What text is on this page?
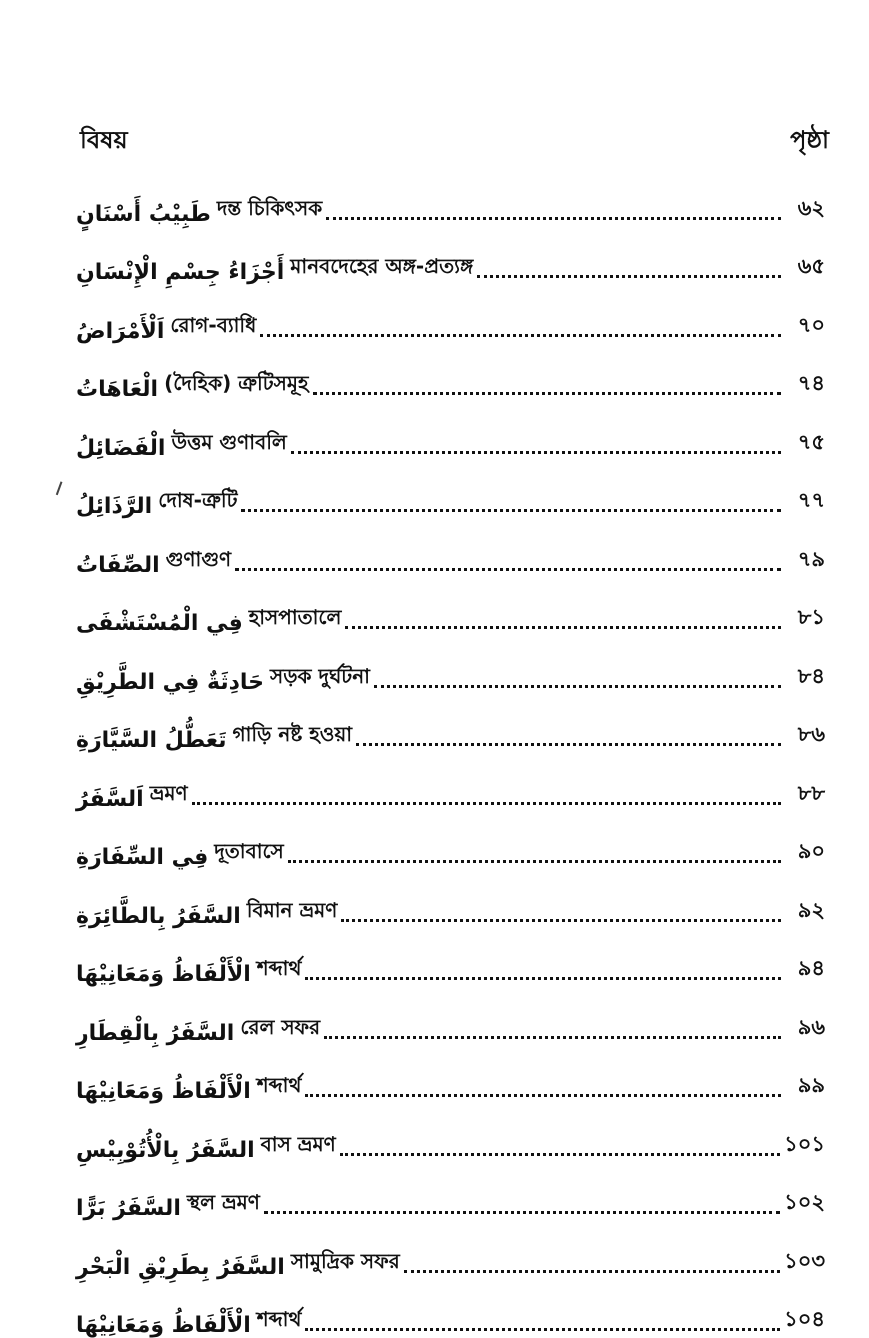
বিষয়	পৃষ্ঠা
طَبِيْبُ أَسْنَانٍ দন্ত চিকিৎসক	৬২
أَجْزَاءُ جِسْمِ الْإِنْسَانِ মানবদেহের অঙ্গ-প্রত্যঙ্গ	৬৫
اَلْأَمْرَاضُ রোগ-ব্যাধি	৭০
الْعَاهَاتُ (দৈহিক) ত্রুটিসমূহ	৭৪
الْفَضَائِلُ উত্তম গুণাবলি	৭৫
الرَّذَائِلُ দোষ-ত্রুটি	৭৭
الصِّفَاتُ গুণাগুণ	৭৯
فِي الْمُسْتَشْفَى হাসপাতালে	৮১
حَادِثَةٌ فِي الطَّرِيْقِ সড়ক দুর্ঘটনা	৮৪
تَعَطُّلُ السَّيَّارَةِ গাড়ি নষ্ট হওয়া	৮৬
اَلسَّفَرُ ভ্রমণ	৮৮
فِي السِّفَارَةِ দূতাবাসে	৯০
السَّفَرُ بِالطَّائِرَةِ বিমান ভ্রমণ	৯২
الْأَلْفَاظُ وَمَعَانِيْهَا শব্দার্থ	৯৪
السَّفَرُ بِالْقِطَارِ রেল সফর	৯৬
الْأَلْفَاظُ وَمَعَانِيْهَا শব্দার্থ	৯৯
السَّفَرُ بِالْأُتُوْبِيْسِ বাস ভ্রমণ	১০১
السَّفَرُ بَرًّا স্থল ভ্রমণ	১০২
السَّفَرُ بِطَرِيْقِ الْبَحْرِ সামুদ্রিক সফর	১০৩
الْأَلْفَاظُ وَمَعَانِيْهَا শব্দার্থ	১০৪
